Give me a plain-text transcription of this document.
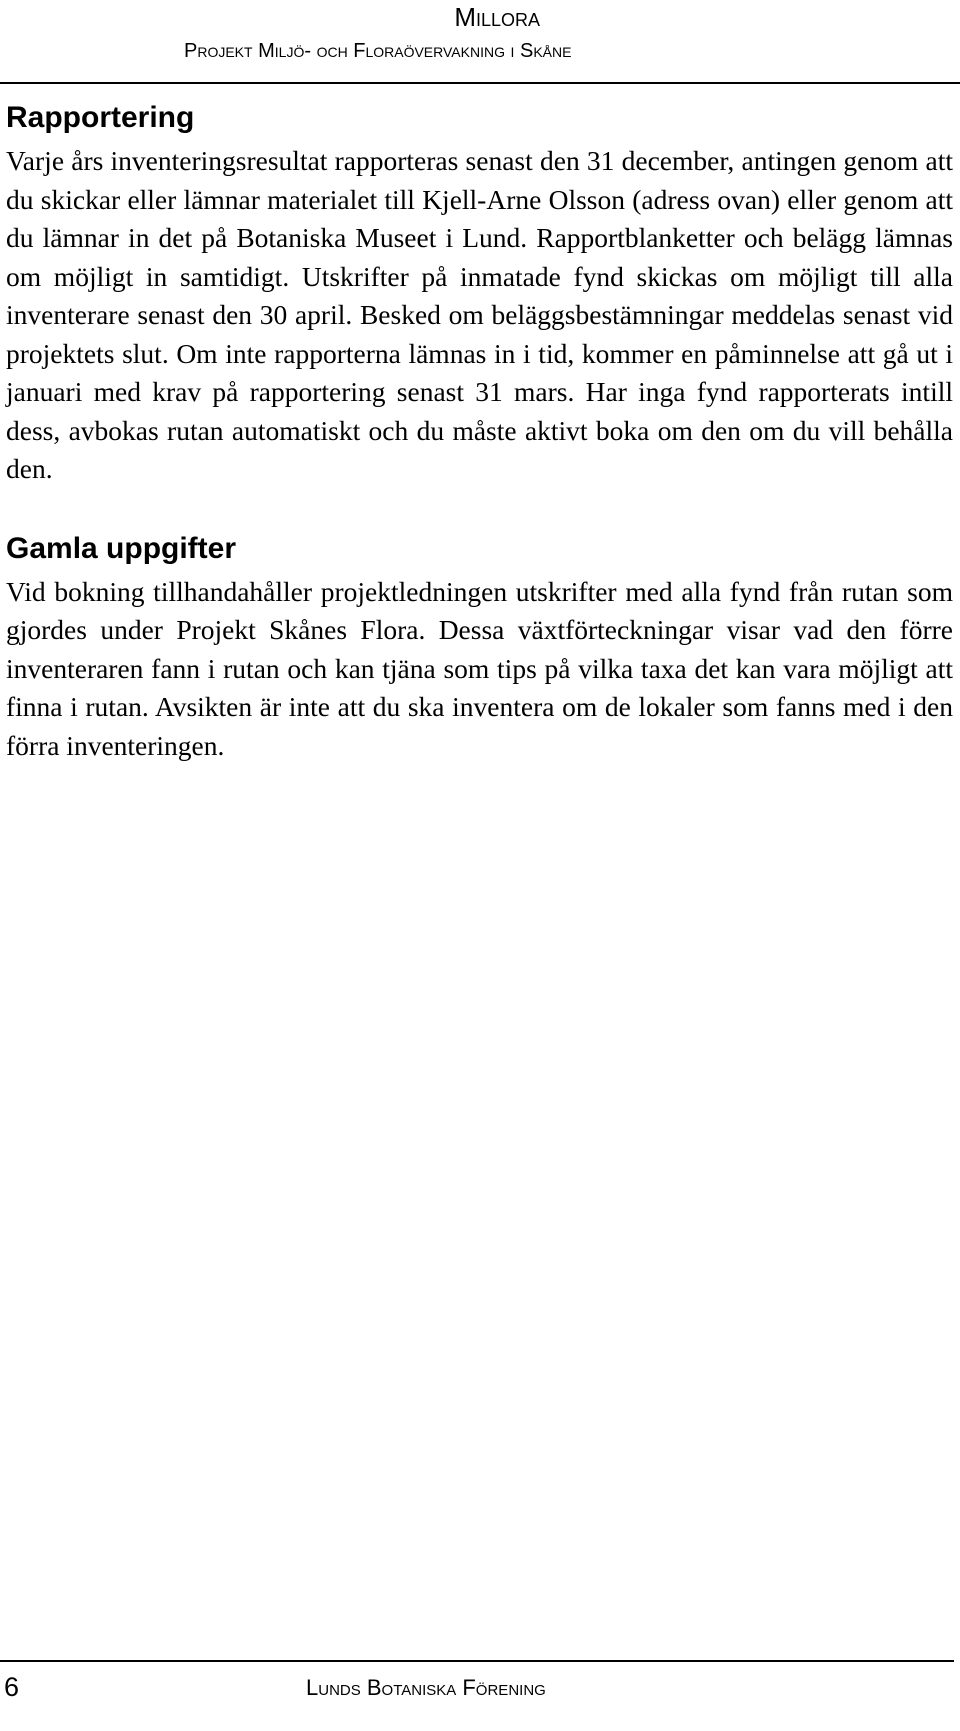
Millora
Projekt Miljö- och Floraövervakning i Skåne
Rapportering

Varje års inventeringsresultat rapporteras senast den 31 december, antingen genom att du skickar eller lämnar materialet till Kjell-Arne Olsson (adress ovan) eller genom att du lämnar in det på Botaniska Museet i Lund. Rapportblanketter och belägg lämnas om möjligt in samtidigt. Utskrifter på inmatade fynd skickas om möjligt till alla inventerare senast den 30 april. Besked om beläggsbestämningar meddelas senast vid projektets slut. Om inte rapporterna lämnas in i tid, kommer en påminnelse att gå ut i januari med krav på rapportering senast 31 mars. Har inga fynd rapporterats intill dess, avbokas rutan automatiskt och du måste aktivt boka om den om du vill behålla den.

Gamla uppgifter

Vid bokning tillhandahåller projektledningen utskrifter med alla fynd från rutan som gjordes under Projekt Skånes Flora. Dessa växtförteckningar visar vad den förre inventeraren fann i rutan och kan tjäna som tips på vilka taxa det kan vara möjligt att finna i rutan. Avsikten är inte att du ska inventera om de lokaler som fanns med i den förra inventeringen.

6	Lunds Botaniska Förening
